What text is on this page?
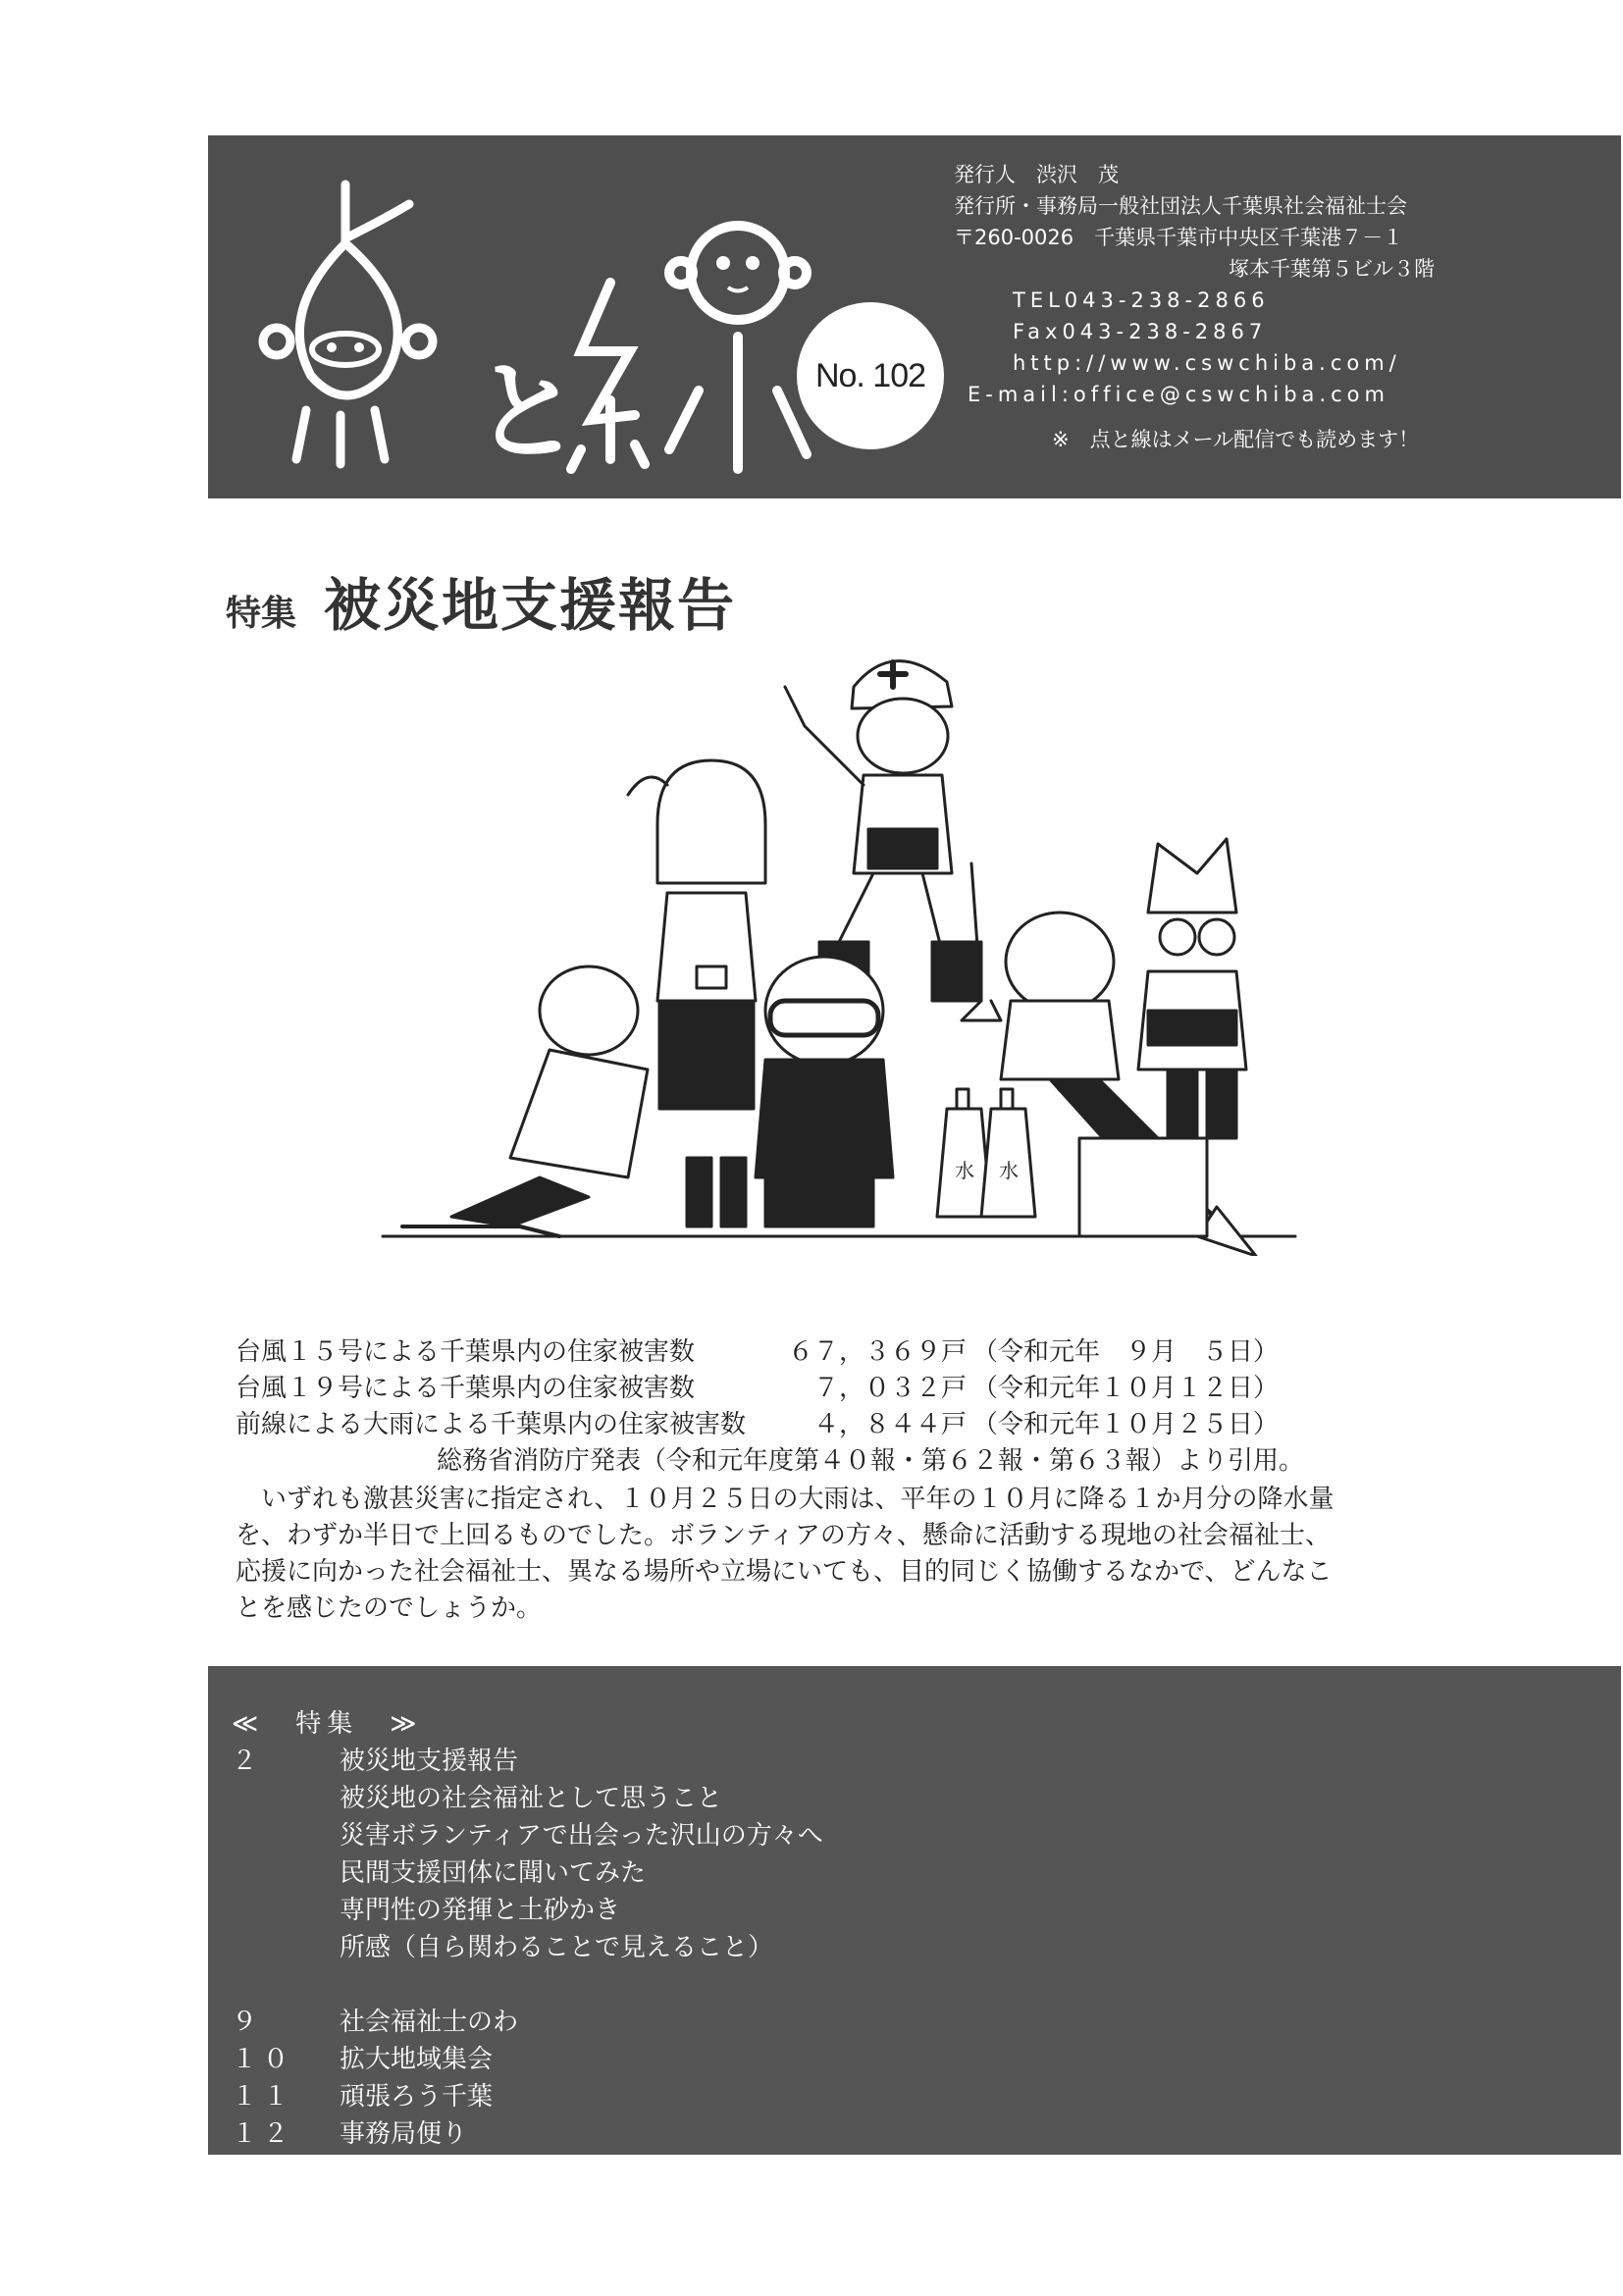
と	No. 102
発行人　渋沢　茂
発行所・事務局一般社団法人千葉県社会福祉士会
〒260-0026　千葉県千葉市中央区千葉港７－１
塚本千葉第５ビル３階
TEL043-238-2866
Fax043-238-2867
http://www.cswchiba.com/
E-mail:office@cswchiba.com
※　点と線はメール配信でも読めます！
特集 被災地支援報告
水 水
台風１５号による千葉県内の住家被害数	６７，３６９戸 （令和元年　９月　５日）
台風１９号による千葉県内の住家被害数	７，０３２戸 （令和元年１０月１２日）
前線による大雨による千葉県内の住家被害数	４，８４４戸 （令和元年１０月２５日）
総務省消防庁発表（令和元年度第４０報・第６２報・第６３報）より引用。
いずれも激甚災害に指定され、１０月２５日の大雨は、平年の１０月に降る１か月分の降水量を、わずか半日で上回るものでした。ボランティアの方々、懸命に活動する現地の社会福祉士、応援に向かった社会福祉士、異なる場所や立場にいても、目的同じく協働するなかで、どんなことを感じたのでしょうか。
≪　特集　≫
２	被災地支援報告
被災地の社会福祉として思うこと
災害ボランティアで出会った沢山の方々へ
民間支援団体に聞いてみた
専門性の発揮と土砂かき
所感（自ら関わることで見えること）
９	社会福祉士のわ
１０	拡大地域集会
１１	頑張ろう千葉
１２	事務局便り
